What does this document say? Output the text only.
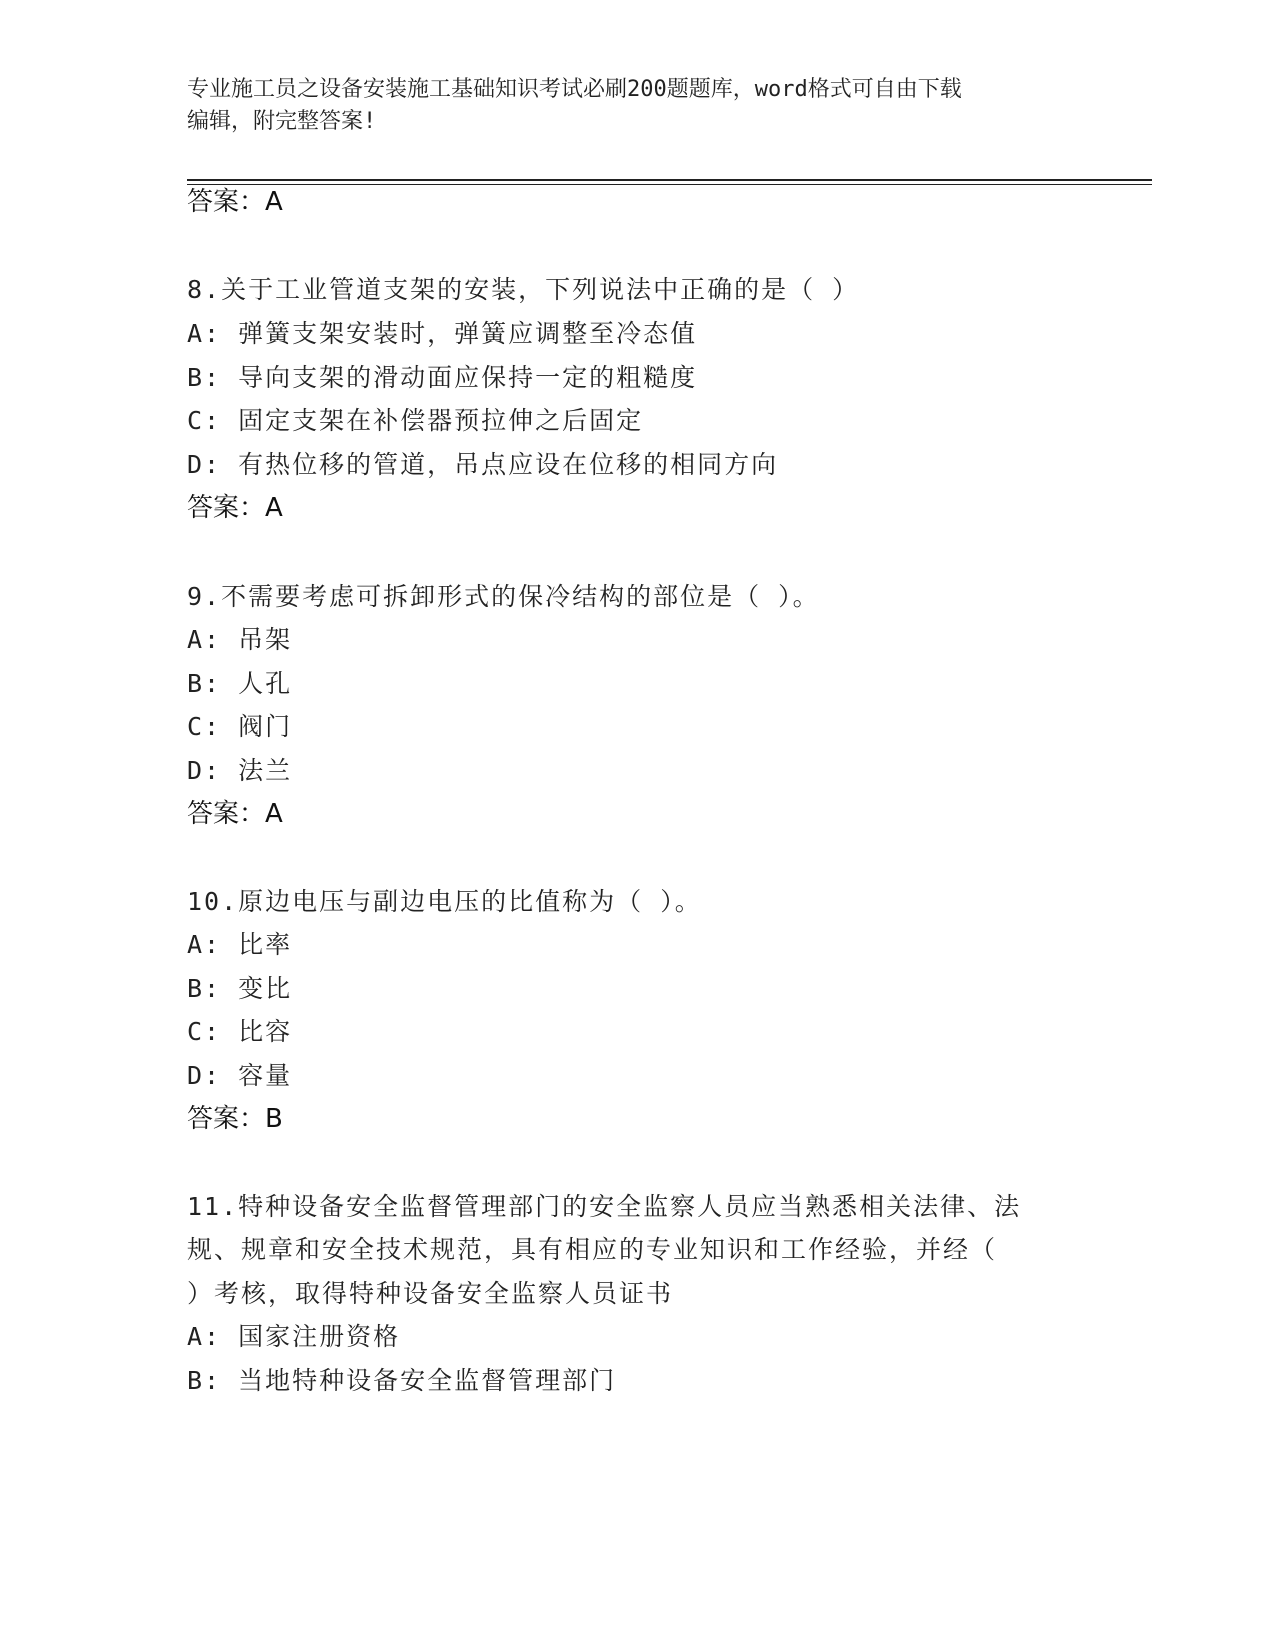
专业施工员之设备安装施工基础知识考试必刷200题题库，word格式可自由下载
编辑，附完整答案!
答案：A
8.关于工业管道支架的安装，下列说法中正确的是（ ）
A: 弹簧支架安装时，弹簧应调整至冷态值
B: 导向支架的滑动面应保持一定的粗糙度
C: 固定支架在补偿器预拉伸之后固定
D: 有热位移的管道，吊点应设在位移的相同方向
答案：A
9.不需要考虑可拆卸形式的保冷结构的部位是（ ）。
A: 吊架
B: 人孔
C: 阀门
D: 法兰
答案：A
10.原边电压与副边电压的比值称为（ ）。
A: 比率
B: 变比
C: 比容
D: 容量
答案：B
11.特种设备安全监督管理部门的安全监察人员应当熟悉相关法律、法
规、规章和安全技术规范，具有相应的专业知识和工作经验，并经（
）考核，取得特种设备安全监察人员证书
A: 国家注册资格
B: 当地特种设备安全监督管理部门
